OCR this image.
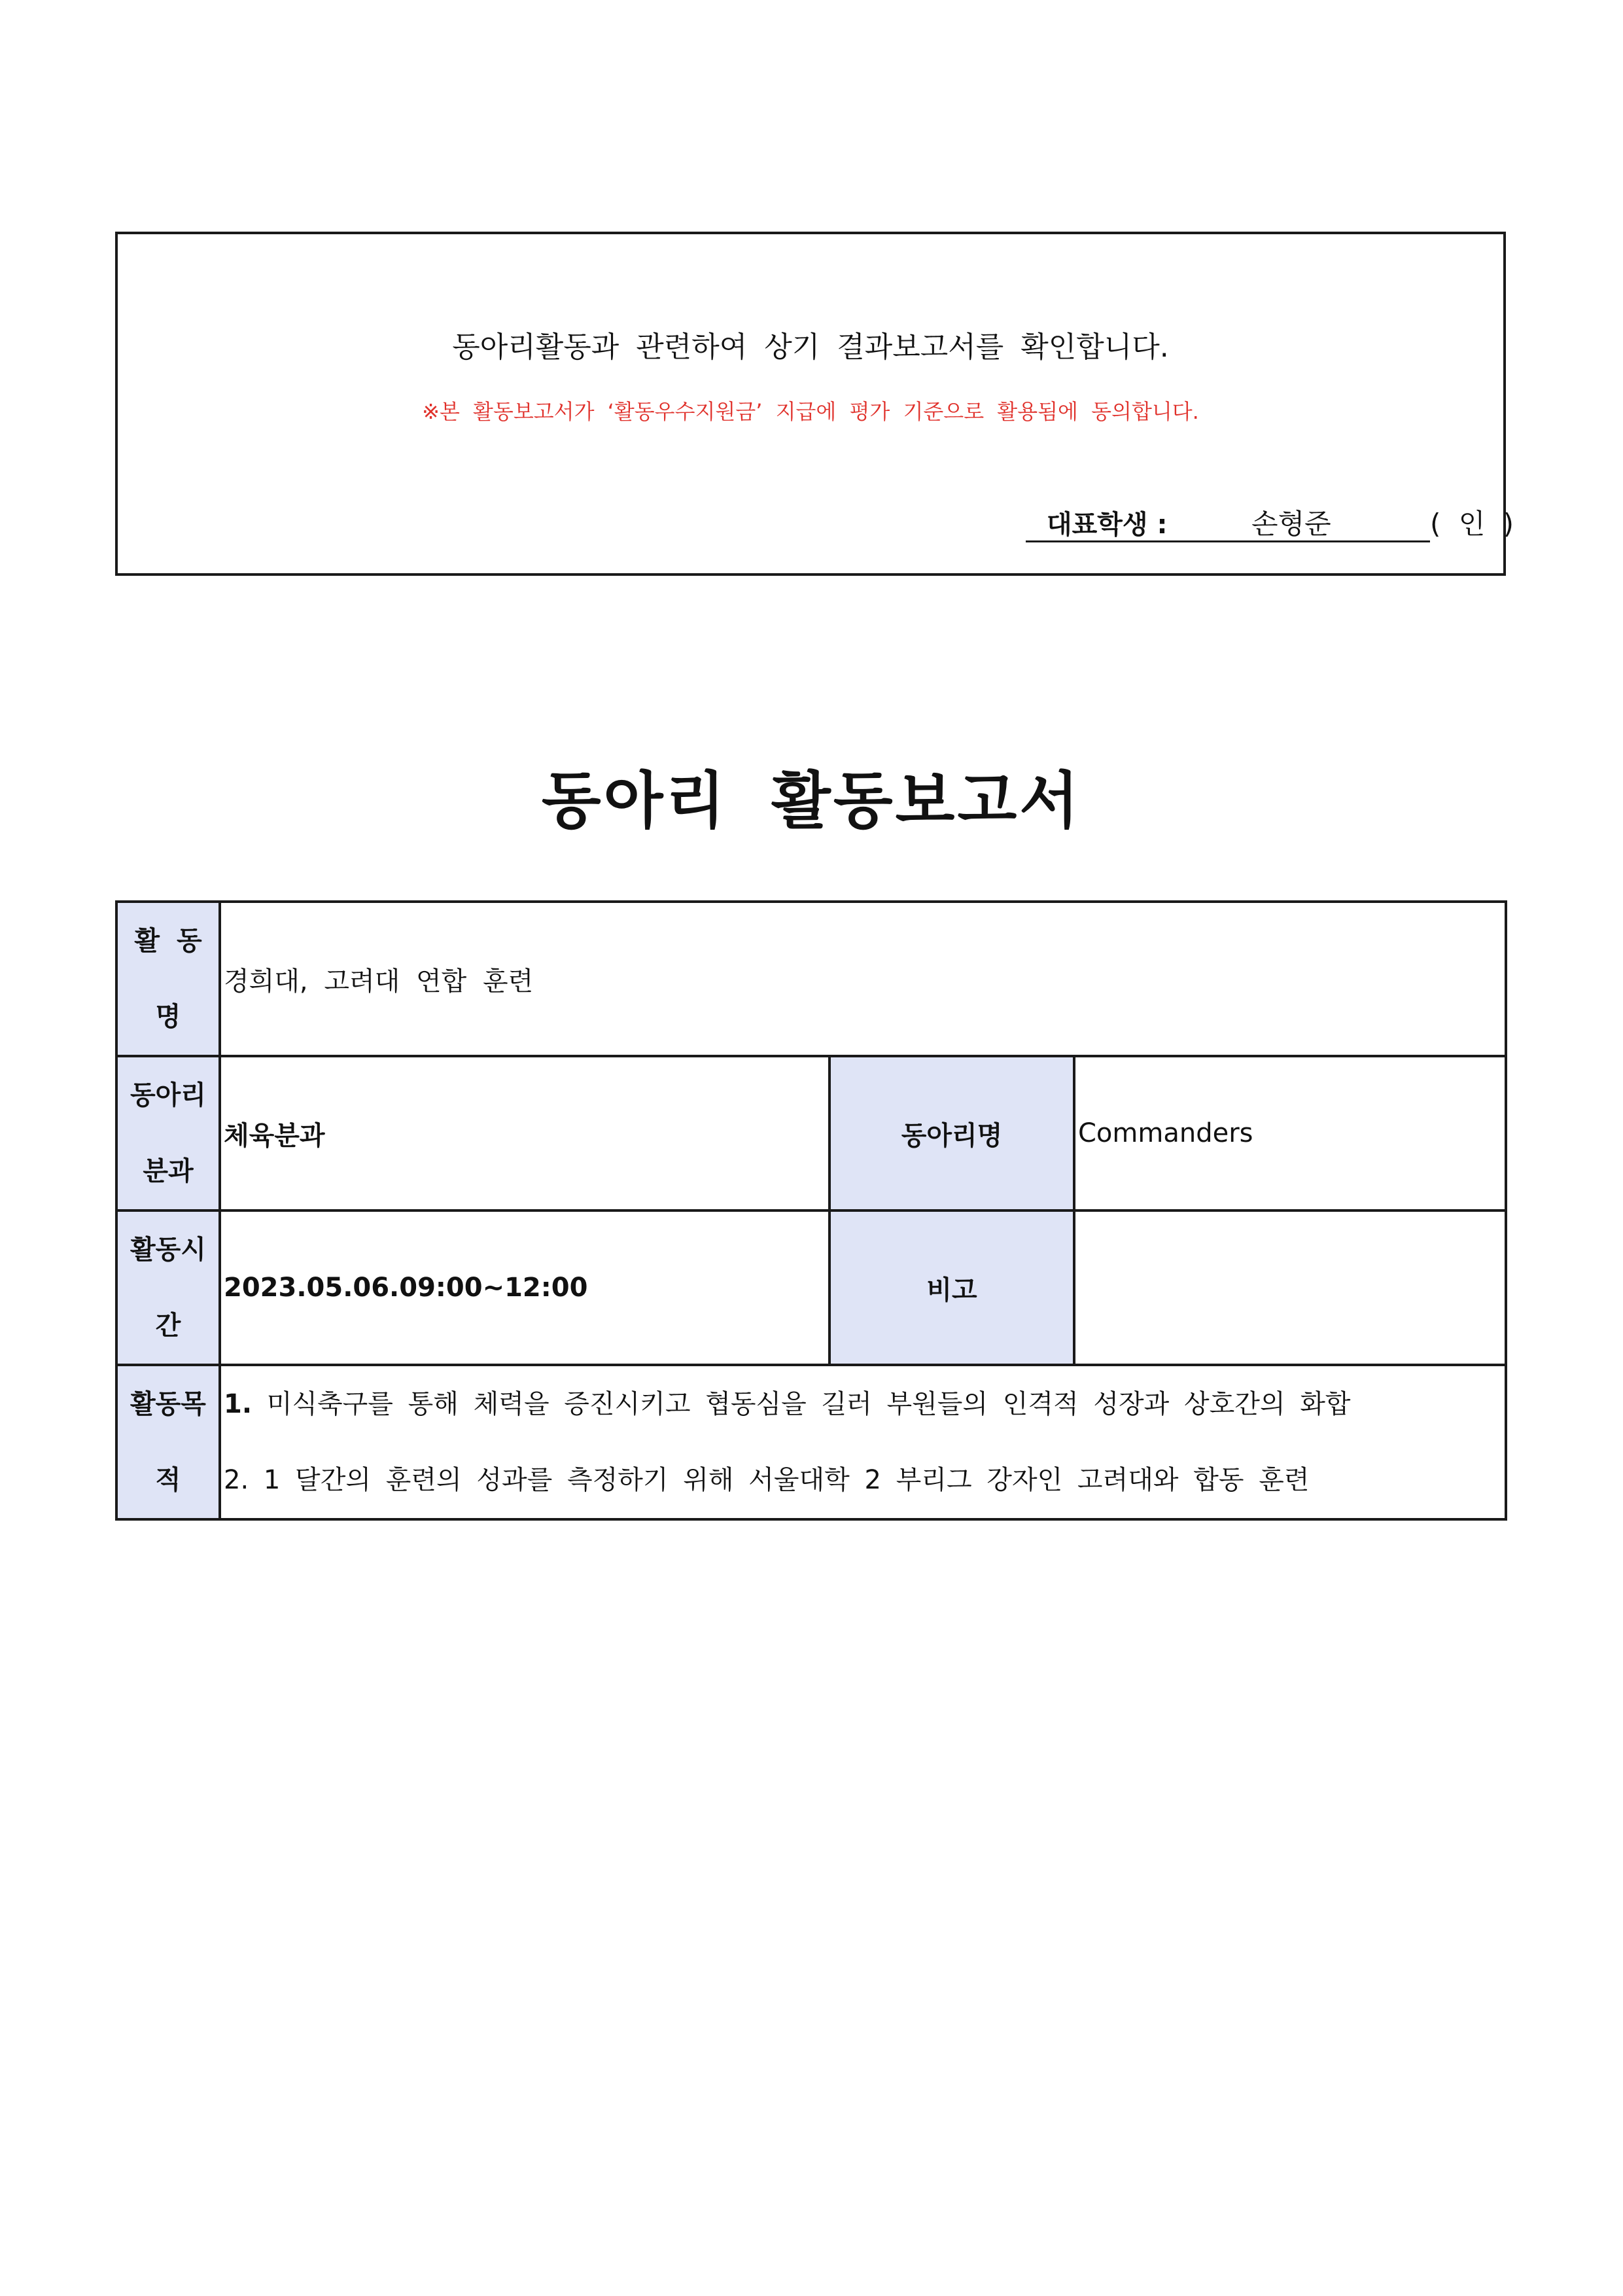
동아리활동과 관련하여 상기 결과보고서를 확인합니다.
※본 활동보고서가 ‘활동우수지원금’ 지급에 평가 기준으로 활용됨에 동의합니다.
대표학생 :	손형준	( 인 )
동아리 활동보고서
활 동
명	경희대, 고려대 연합 훈련		

동아리
분과	체육분과	동아리명	Commanders

활동시
간	2023.05.06.09:00~12:00	비고	

활동목
적	1. 미식축구를 통해 체력을 증진시키고 협동심을 길러 부원들의 인격적 성장과 상호간의 화합
2. 1 달간의 훈련의 성과를 측정하기 위해 서울대학 2 부리그 강자인 고려대와 합동 훈련		
